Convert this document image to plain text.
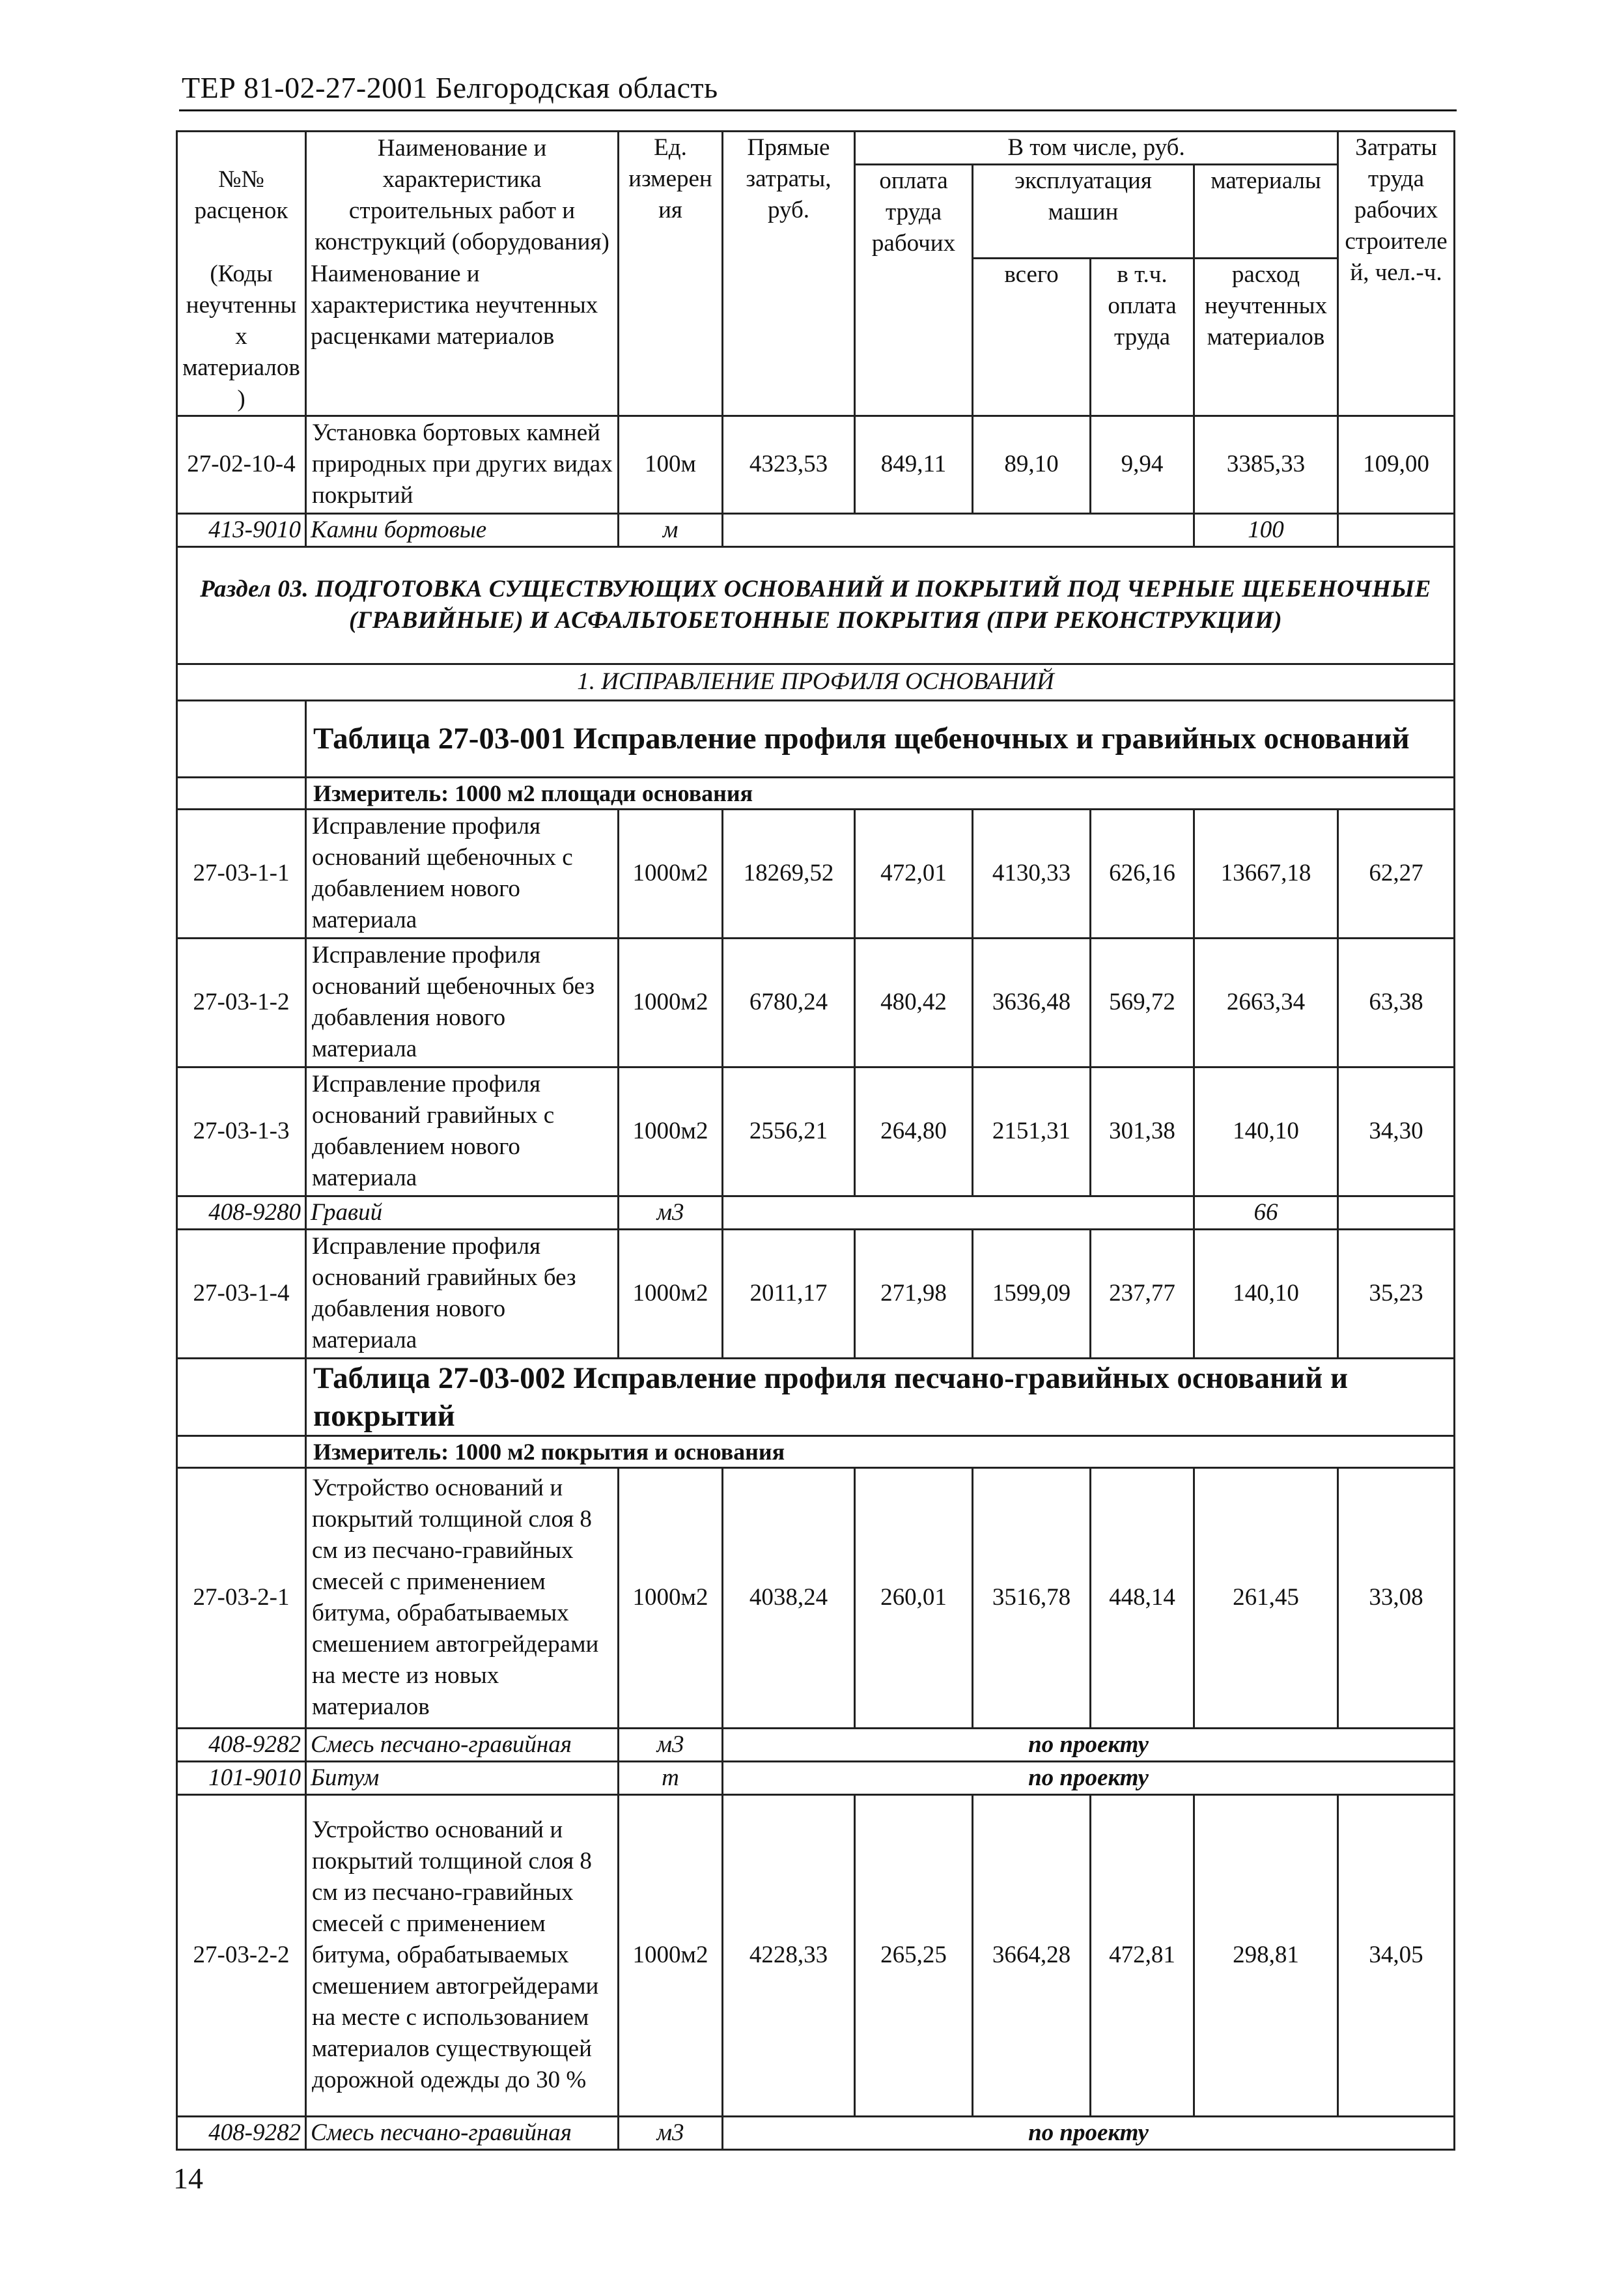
ТЕР 81-02-27-2001 Белгородская область
№№ расценок	Наименование и характеристика строительных работ и конструкций (оборудования)	Ед. измерения	Прямые затраты, руб.	В том числе, руб.				Затраты труда рабочих строителей, чел.-ч.
				оплата труда рабочих	эксплуатация машин		материалы	
(Коды неучтенных материалов)	Наименование и характеристика неучтенных расценками материалов				всего	в т.ч. оплата труда	расход неучтенных материалов	

27-02-10-4	Установка бортовых камней природных при других видах покрытий	100м	4323,53	849,11	89,10	9,94	3385,33	109,00
413-9010	Камни бортовые	м					100	
Раздел 03. ПОДГОТОВКА СУЩЕСТВУЮЩИХ ОСНОВАНИЙ И ПОКРЫТИЙ ПОД ЧЕРНЫЕ ЩЕБЕНОЧНЫЕ (ГРАВИЙНЫЕ) И АСФАЛЬТОБЕТОННЫЕ ПОКРЫТИЯ (ПРИ РЕКОНСТРУКЦИИ)								
1. ИСПРАВЛЕНИЕ ПРОФИЛЯ ОСНОВАНИЙ								
	Таблица 27-03-001 Исправление профиля щебеночных и гравийных оснований							
	Измеритель: 1000 м2 площади основания							
27-03-1-1	Исправление профиля оснований щебеночных с добавлением нового материала	1000м2	18269,52	472,01	4130,33	626,16	13667,18	62,27
27-03-1-2	Исправление профиля оснований щебеночных без добавления нового материала	1000м2	6780,24	480,42	3636,48	569,72	2663,34	63,38
27-03-1-3	Исправление профиля оснований гравийных с добавлением нового материала	1000м2	2556,21	264,80	2151,31	301,38	140,10	34,30
408-9280	Гравий	м3					66	
27-03-1-4	Исправление профиля оснований гравийных без добавления нового материала	1000м2	2011,17	271,98	1599,09	237,77	140,10	35,23
	Таблица 27-03-002 Исправление профиля песчано-гравийных оснований и покрытий							
	Измеритель: 1000 м2 покрытия и основания							
27-03-2-1	Устройство оснований и покрытий толщиной слоя 8 см из песчано-гравийных смесей с применением битума, обрабатываемых смешением автогрейдерами на месте из новых материалов	1000м2	4038,24	260,01	3516,78	448,14	261,45	33,08
408-9282	Смесь песчано-гравийная	м3	по проекту					
101-9010	Битум	т	по проекту					
27-03-2-2	Устройство оснований и покрытий толщиной слоя 8 см из песчано-гравийных смесей с применением битума, обрабатываемых смешением автогрейдерами на месте с использованием материалов существующей дорожной одежды до 30 %	1000м2	4228,33	265,25	3664,28	472,81	298,81	34,05
408-9282	Смесь песчано-гравийная	м3	по проекту					
14
